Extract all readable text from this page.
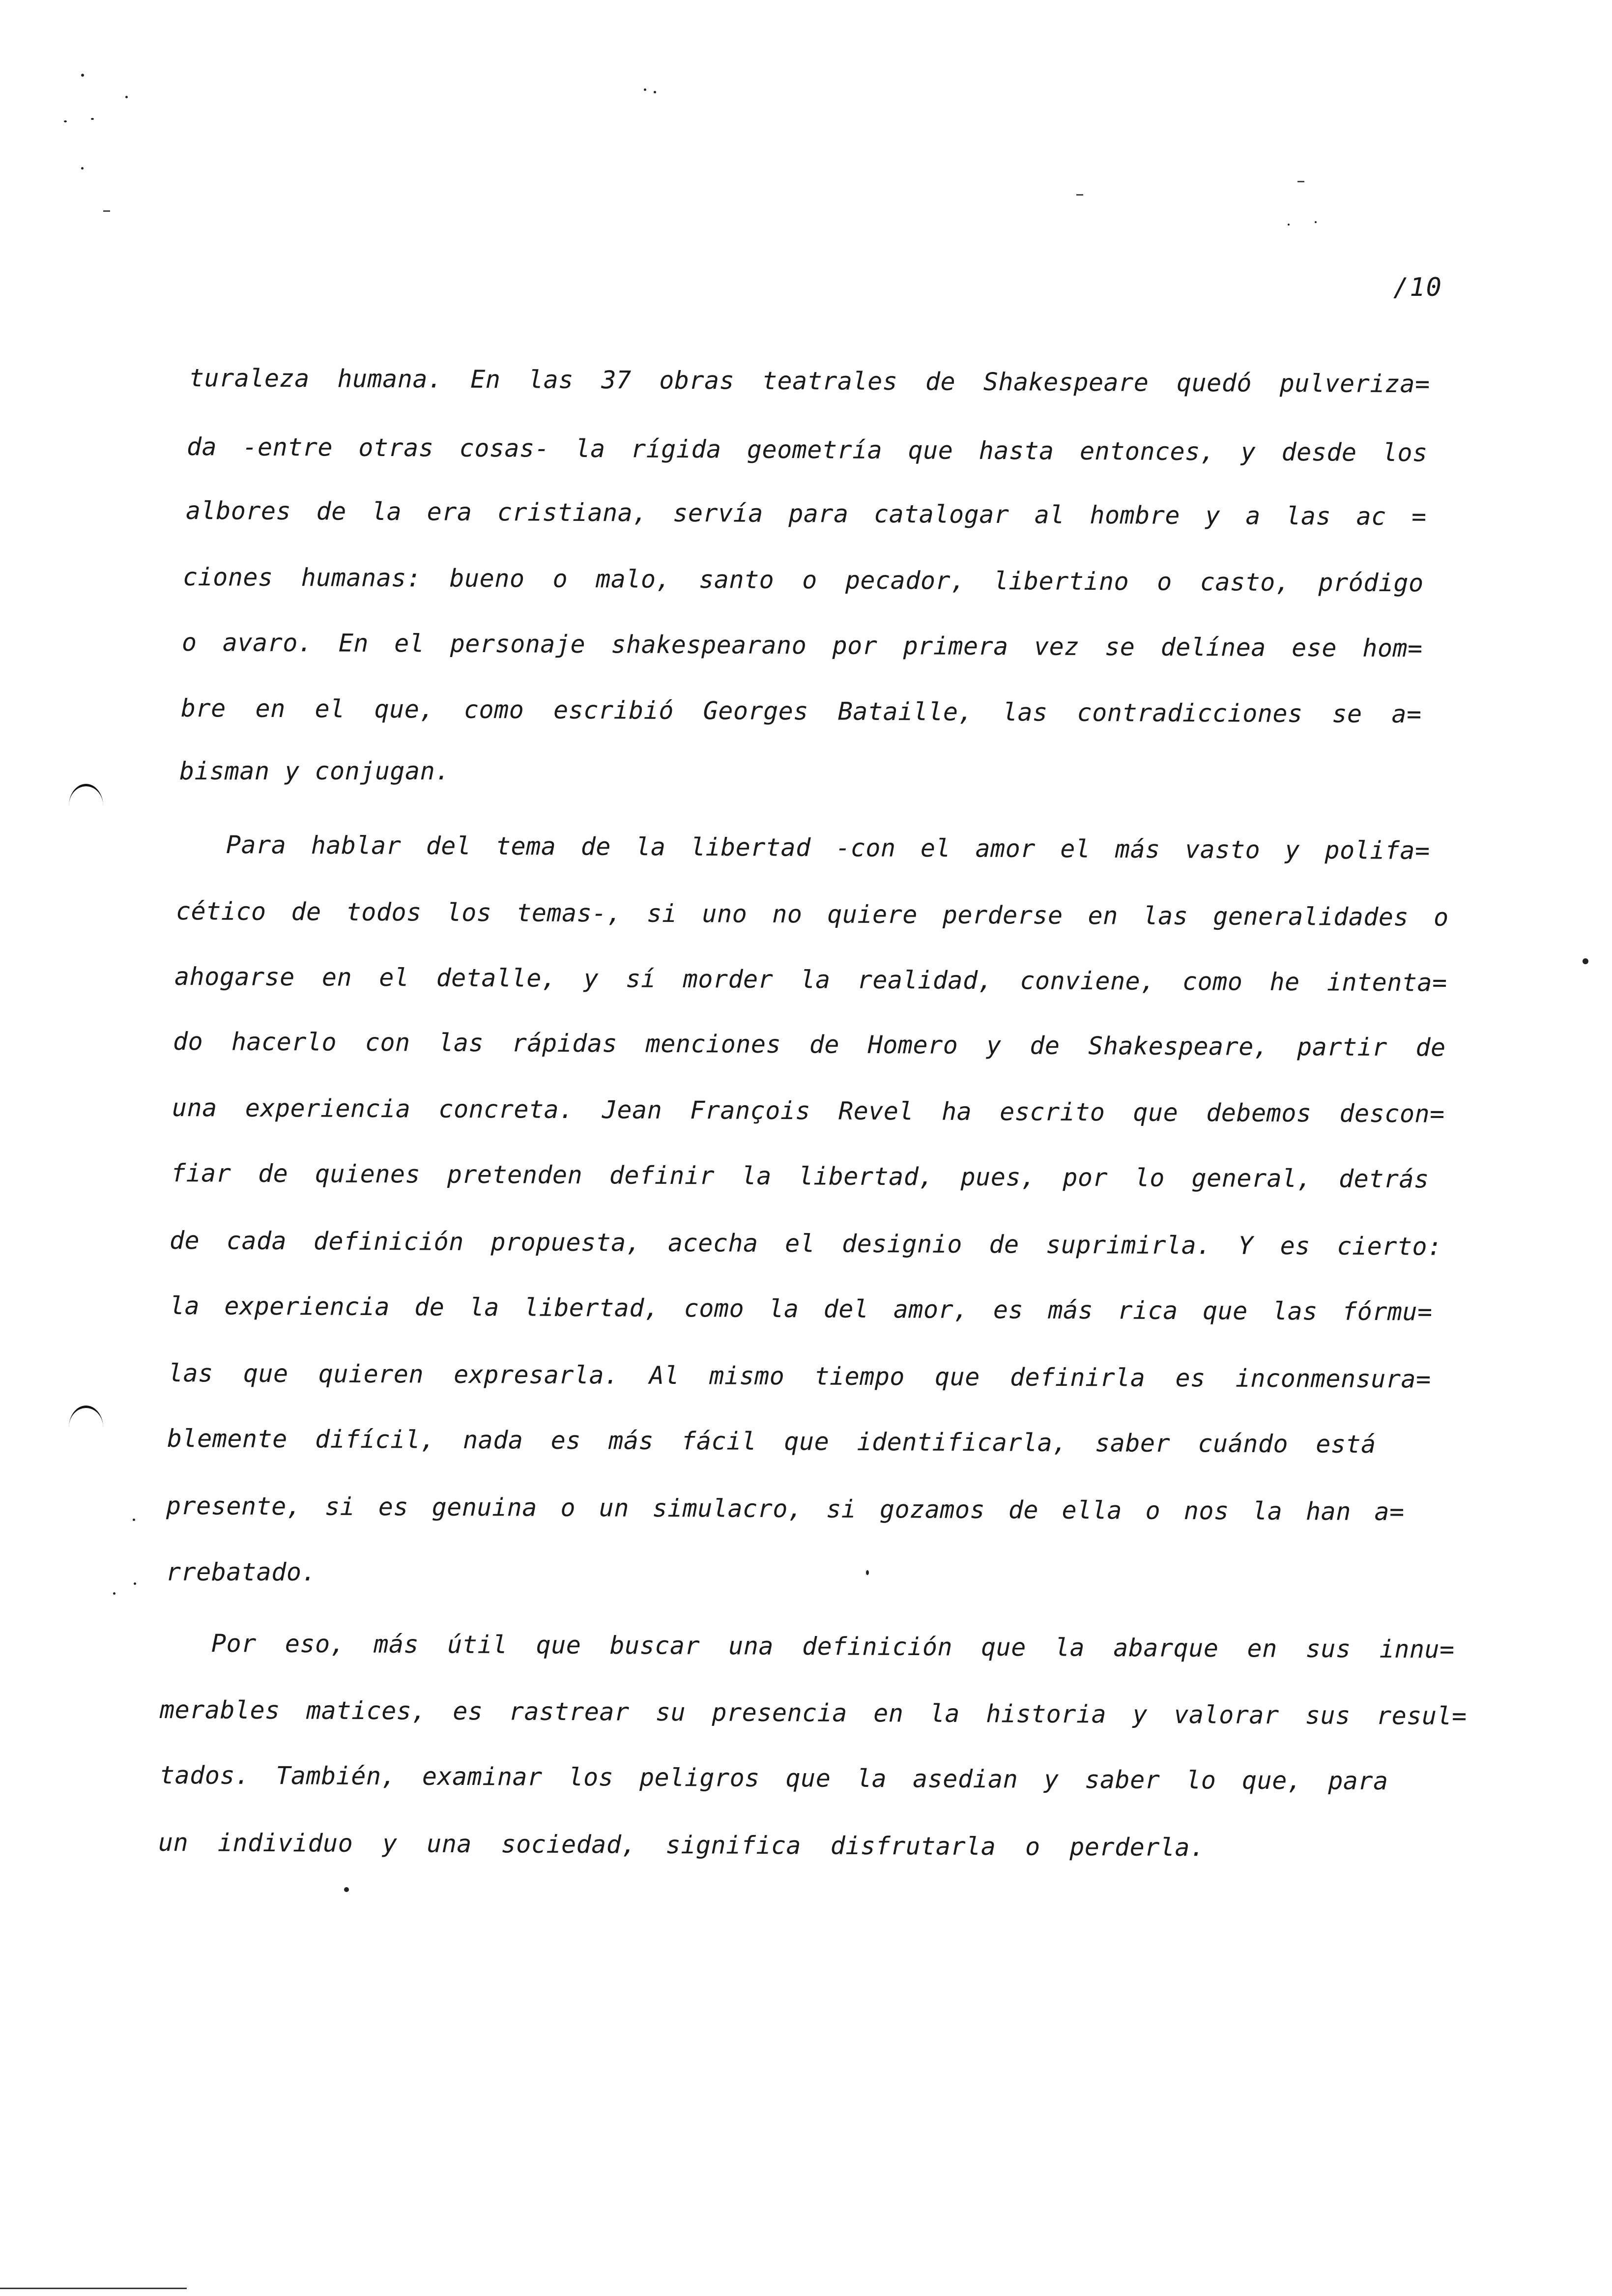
/10
turaleza humana. En las 37 obras teatrales de Shakespeare quedó pulveriza=
da -entre otras cosas- la rígida geometría que hasta entonces, y desde los
albores de la era cristiana, servía para catalogar al hombre y a las ac =
ciones humanas: bueno o malo, santo o pecador, libertino o casto, pródigo
o avaro. En el personaje shakespearano por primera vez se delínea ese hom=
bre en el que, como escribió Georges Bataille, las contradicciones se a=
bisman y conjugan.
Para hablar del tema de la libertad -con el amor el más vasto y polifa=
cético de todos los temas-, si uno no quiere perderse en las generalidades o
ahogarse en el detalle, y sí morder la realidad, conviene, como he intenta=
do hacerlo con las rápidas menciones de Homero y de Shakespeare, partir de
una experiencia concreta. Jean François Revel ha escrito que debemos descon=
fiar de quienes pretenden definir la libertad, pues, por lo general, detrás
de cada definición propuesta, acecha el designio de suprimirla. Y es cierto:
la experiencia de la libertad, como la del amor, es más rica que las fórmu=
las que quieren expresarla. Al mismo tiempo que definirla es inconmensura=
blemente difícil, nada es más fácil que identificarla, saber cuándo está
presente, si es genuina o un simulacro, si gozamos de ella o nos la han a=
rrebatado.
Por eso, más útil que buscar una definición que la abarque en sus innu=
merables matices, es rastrear su presencia en la historia y valorar sus resul=
tados. También, examinar los peligros que la asedian y saber lo que, para
un individuo y una sociedad, significa disfrutarla o perderla.
